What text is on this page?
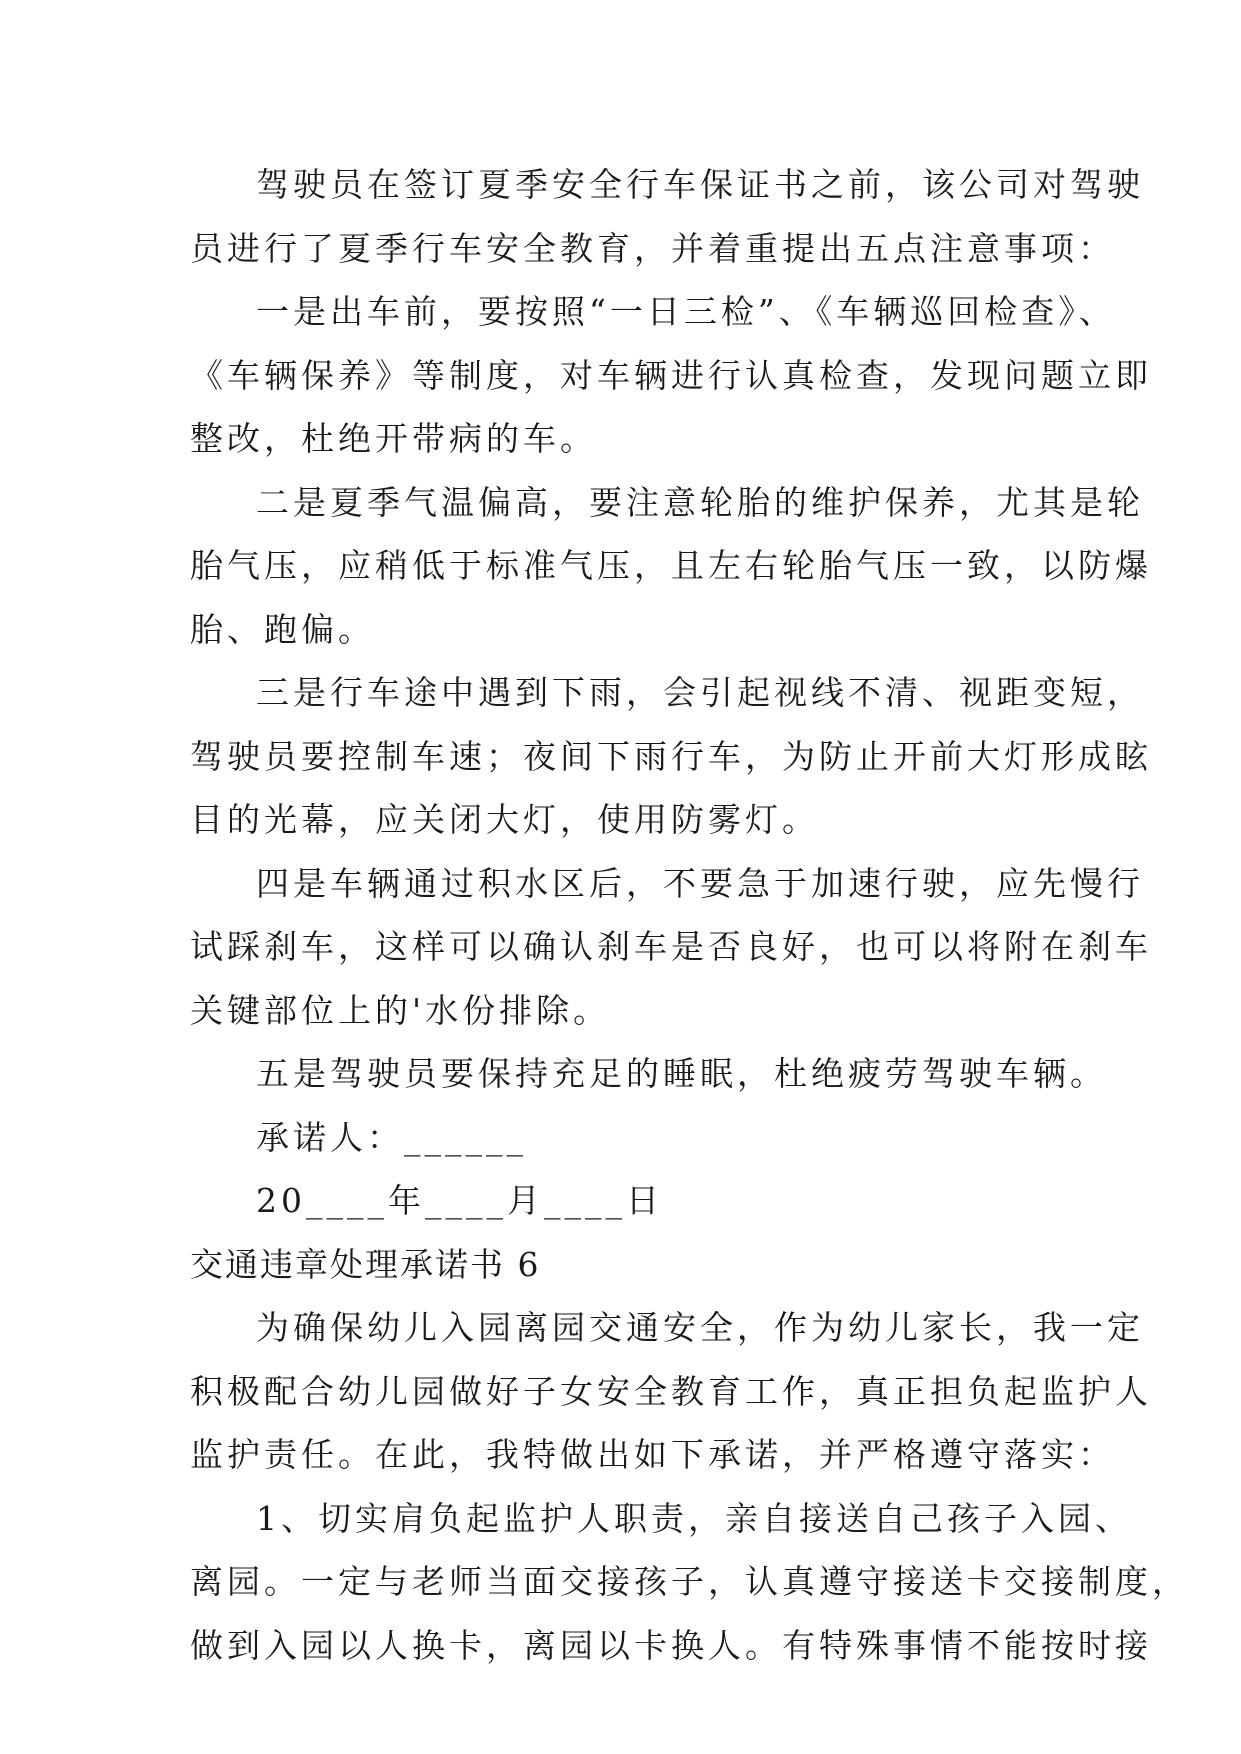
驾驶员在签订夏季安全行车保证书之前，该公司对驾驶
员进行了夏季行车安全教育，并着重提出五点注意事项：
一是出车前，要按照“一日三检”、《车辆巡回检查》、
《车辆保养》等制度，对车辆进行认真检查，发现问题立即
整改，杜绝开带病的车。
二是夏季气温偏高，要注意轮胎的维护保养，尤其是轮
胎气压，应稍低于标准气压，且左右轮胎气压一致，以防爆
胎、跑偏。
三是行车途中遇到下雨，会引起视线不清、视距变短，
驾驶员要控制车速；夜间下雨行车，为防止开前大灯形成眩
目的光幕，应关闭大灯，使用防雾灯。
四是车辆通过积水区后，不要急于加速行驶，应先慢行
试踩刹车，这样可以确认刹车是否良好，也可以将附在刹车
关键部位上的'水份排除。
五是驾驶员要保持充足的睡眠，杜绝疲劳驾驶车辆。
承诺人：______
20____年____月____日
交通违章处理承诺书 6
为确保幼儿入园离园交通安全，作为幼儿家长，我一定
积极配合幼儿园做好子女安全教育工作，真正担负起监护人
监护责任。在此，我特做出如下承诺，并严格遵守落实：
1、切实肩负起监护人职责，亲自接送自己孩子入园、
离园。一定与老师当面交接孩子，认真遵守接送卡交接制度，
做到入园以人换卡，离园以卡换人。有特殊事情不能按时接
